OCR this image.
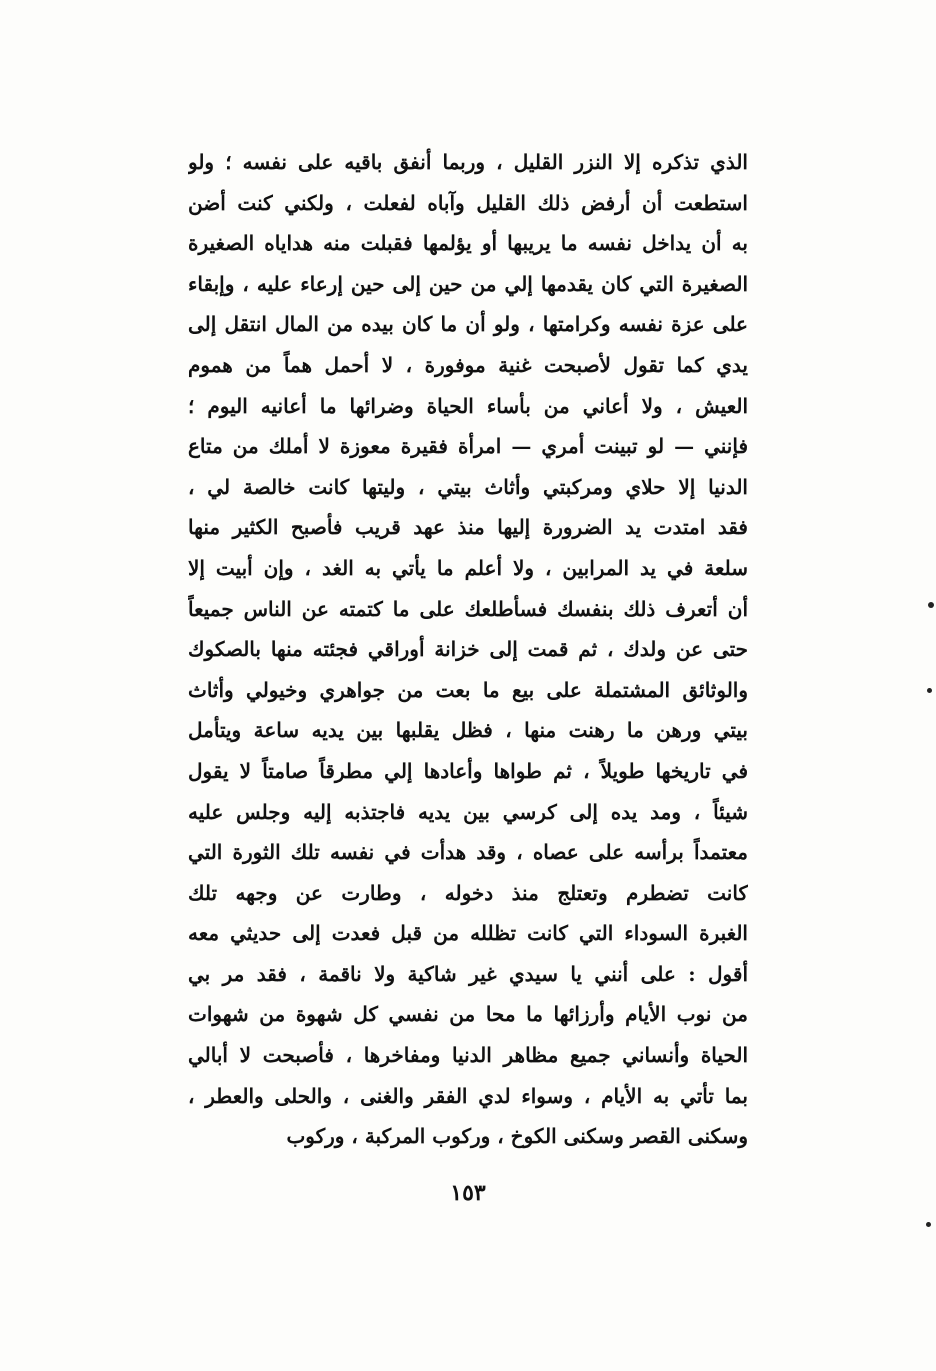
الذي تذكره إلا النزر القليل ، وربما أنفق باقيه على نفسه ؛ ولو
استطعت أن أرفض ذلك القليل وآباه لفعلت ، ولكني كنت أضن
به أن يداخل نفسه ما يريبها أو يؤلمها فقبلت منه هداياه الصغيرة
الصغيرة التي كان يقدمها إلي من حين إلى حين إرعاء عليه ، وإبقاء
على عزة نفسه وكرامتها ، ولو أن ما كان بيده من المال انتقل إلى
يدي كما تقول لأصبحت غنية موفورة ، لا أحمل هماً من هموم
العيش ، ولا أعاني من بأساء الحياة وضرائها ما أعانيه اليوم ؛
فإنني — لو تبينت أمري — امرأة فقيرة معوزة لا أملك من متاع
الدنيا إلا حلاي ومركبتي وأثاث بيتي ، وليتها كانت خالصة لي ،
فقد امتدت يد الضرورة إليها منذ عهد قريب فأصبح الكثير منها
سلعة في يد المرابين ، ولا أعلم ما يأتي به الغد ، وإن أبيت إلا
أن أتعرف ذلك بنفسك فسأطلعك على ما كتمته عن الناس جميعاً
حتى عن ولدك ، ثم قمت إلى خزانة أوراقي فجئته منها بالصكوك
والوثائق المشتملة على بيع ما بعت من جواهري وخيولي وأثاث
بيتي ورهن ما رهنت منها ، فظل يقلبها بين يديه ساعة ويتأمل
في تاريخها طويلاً ، ثم طواها وأعادها إلي مطرقاً صامتاً لا يقول
شيئاً ، ومد يده إلى كرسي بين يديه فاجتذبه إليه وجلس عليه
معتمداً برأسه على عصاه ، وقد هدأت في نفسه تلك الثورة التي
كانت تضطرم وتعتلج منذ دخوله ، وطارت عن وجهه تلك
الغبرة السوداء التي كانت تظلله من قبل فعدت إلى حديثي معه
أقول : على أنني يا سيدي غير شاكية ولا ناقمة ، فقد مر بي
من نوب الأيام وأرزائها ما محا من نفسي كل شهوة من شهوات
الحياة وأنساني جميع مظاهر الدنيا ومفاخرها ، فأصبحت لا أبالي
بما تأتي به الأيام ، وسواء لدي الفقر والغنى ، والحلى والعطر ،
وسكنى القصر وسكنى الكوخ ، وركوب المركبة ، وركوب
١٥٣
